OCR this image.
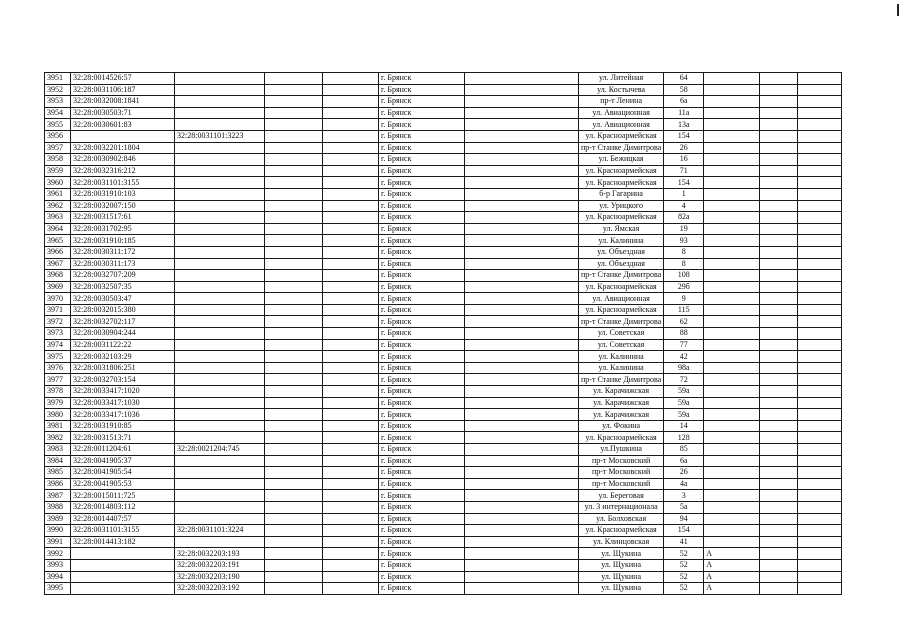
3951	32:28:0014526:57				г. Брянск		ул. Литейная	64			
3952	32:28:0031106:187				г. Брянск		ул. Костычева	58			
3953	32:28:0032008:1841				г. Брянск		пр-т Ленина	6а			
3954	32:28:0030503:71				г. Брянск		ул. Авиационная	11а			
3955	32:28:0030601:83				г. Брянск		ул. Авиационная	13а			
3956		32:28:0031101:3223			г. Брянск		ул. Красноармейская	154			
3957	32:28:0032201:1804				г. Брянск		пр-т Станке Димитрова	26			
3958	32:28:0030902:846				г. Брянск		ул. Бежицкая	16			
3959	32:28:0032316:212				г. Брянск		ул. Красноармейская	71			
3960	32:28:0031101:3155				г. Брянск		ул. Красноармейская	154			
3961	32:28:0031910:103				г. Брянск		б-р Гагарина	1			
3962	32:28:0032007:150				г. Брянск		ул. Урицкого	4			
3963	32:28:0031517:61				г. Брянск		ул. Красноармейская	82а			
3964	32:28:0031702:95				г. Брянск		ул. Ямская	19			
3965	32:28:0031910:185				г. Брянск		ул. Калинина	93			
3966	32:28:0030311:172				г. Брянск		ул. Объездная	8			
3967	32:28:0030311:173				г. Брянск		ул. Объездная	8			
3968	32:28:0032707:209				г. Брянск		пр-т Станке Димитрова	108			
3969	32:28:0032507:35				г. Брянск		ул. Красноармейская	29б			
3970	32:28:0030503:47				г. Брянск		ул. Авиационная	9			
3971	32:28:0032015:380				г. Брянск		ул. Красноармейская	115			
3972	32:28:0032702:117				г. Брянск		пр-т Станке Димитрова	62			
3973	32:28:0030904:244				г. Брянск		ул. Советская	88			
3974	32:28:0031122:22				г. Брянск		ул. Советская	77			
3975	32:28:0032103:29				г. Брянск		ул. Калинина	42			
3976	32:28:0031806:251				г. Брянск		ул. Калинина	98а			
3977	32:28:0032703:154				г. Брянск		пр-т Станке Димитрова	72			
3978	32:28:0033417:1020				г. Брянск		ул. Карачижская	59а			
3979	32:28:0033417:1030				г. Брянск		ул. Карачижская	59а			
3980	32:28:0033417:1036				г. Брянск		ул. Карачижская	59а			
3981	32:28:0031910:85				г. Брянск		ул. Фокина	14			
3982	32:28:0031513:71				г. Брянск		ул. Красноармейская	128			
3983	32:28:0011204:61	32:28:0021204:745			г. Брянск		ул.Пушкина	85			
3984	32:28:0041905:37				г. Брянск		пр-т Московский	6а			
3985	32:28:0041905:54				г. Брянск		пр-т Московский	26			
3986	32:28:0041905:53				г. Брянск		пр-т Московский	4а			
3987	32:28:0015011:725				г. Брянск		ул. Береговая	3			
3988	32:28:0014803:112				г. Брянск		ул. 3 интернационала	5а			
3989	32:28:0014407:57				г. Брянск		ул. Болховская	94			
3990	32:28:0031101:3155	32:28:0031101:3224			г. Брянск		ул. Красноармейская	154			
3991	32:28:0014413:182				г. Брянск		ул. Клинцовская	41			
3992		32:28:0032203:193			г. Брянск		ул. Щукина	52	А		
3993		32:28:0032203:191			г. Брянск		ул. Щукина	52	А		
3994		32:28:0032203:190			г. Брянск		ул. Щукина	52	А		
3995		32:28:0032203:192			г. Брянск		ул. Щукина	52	А		
